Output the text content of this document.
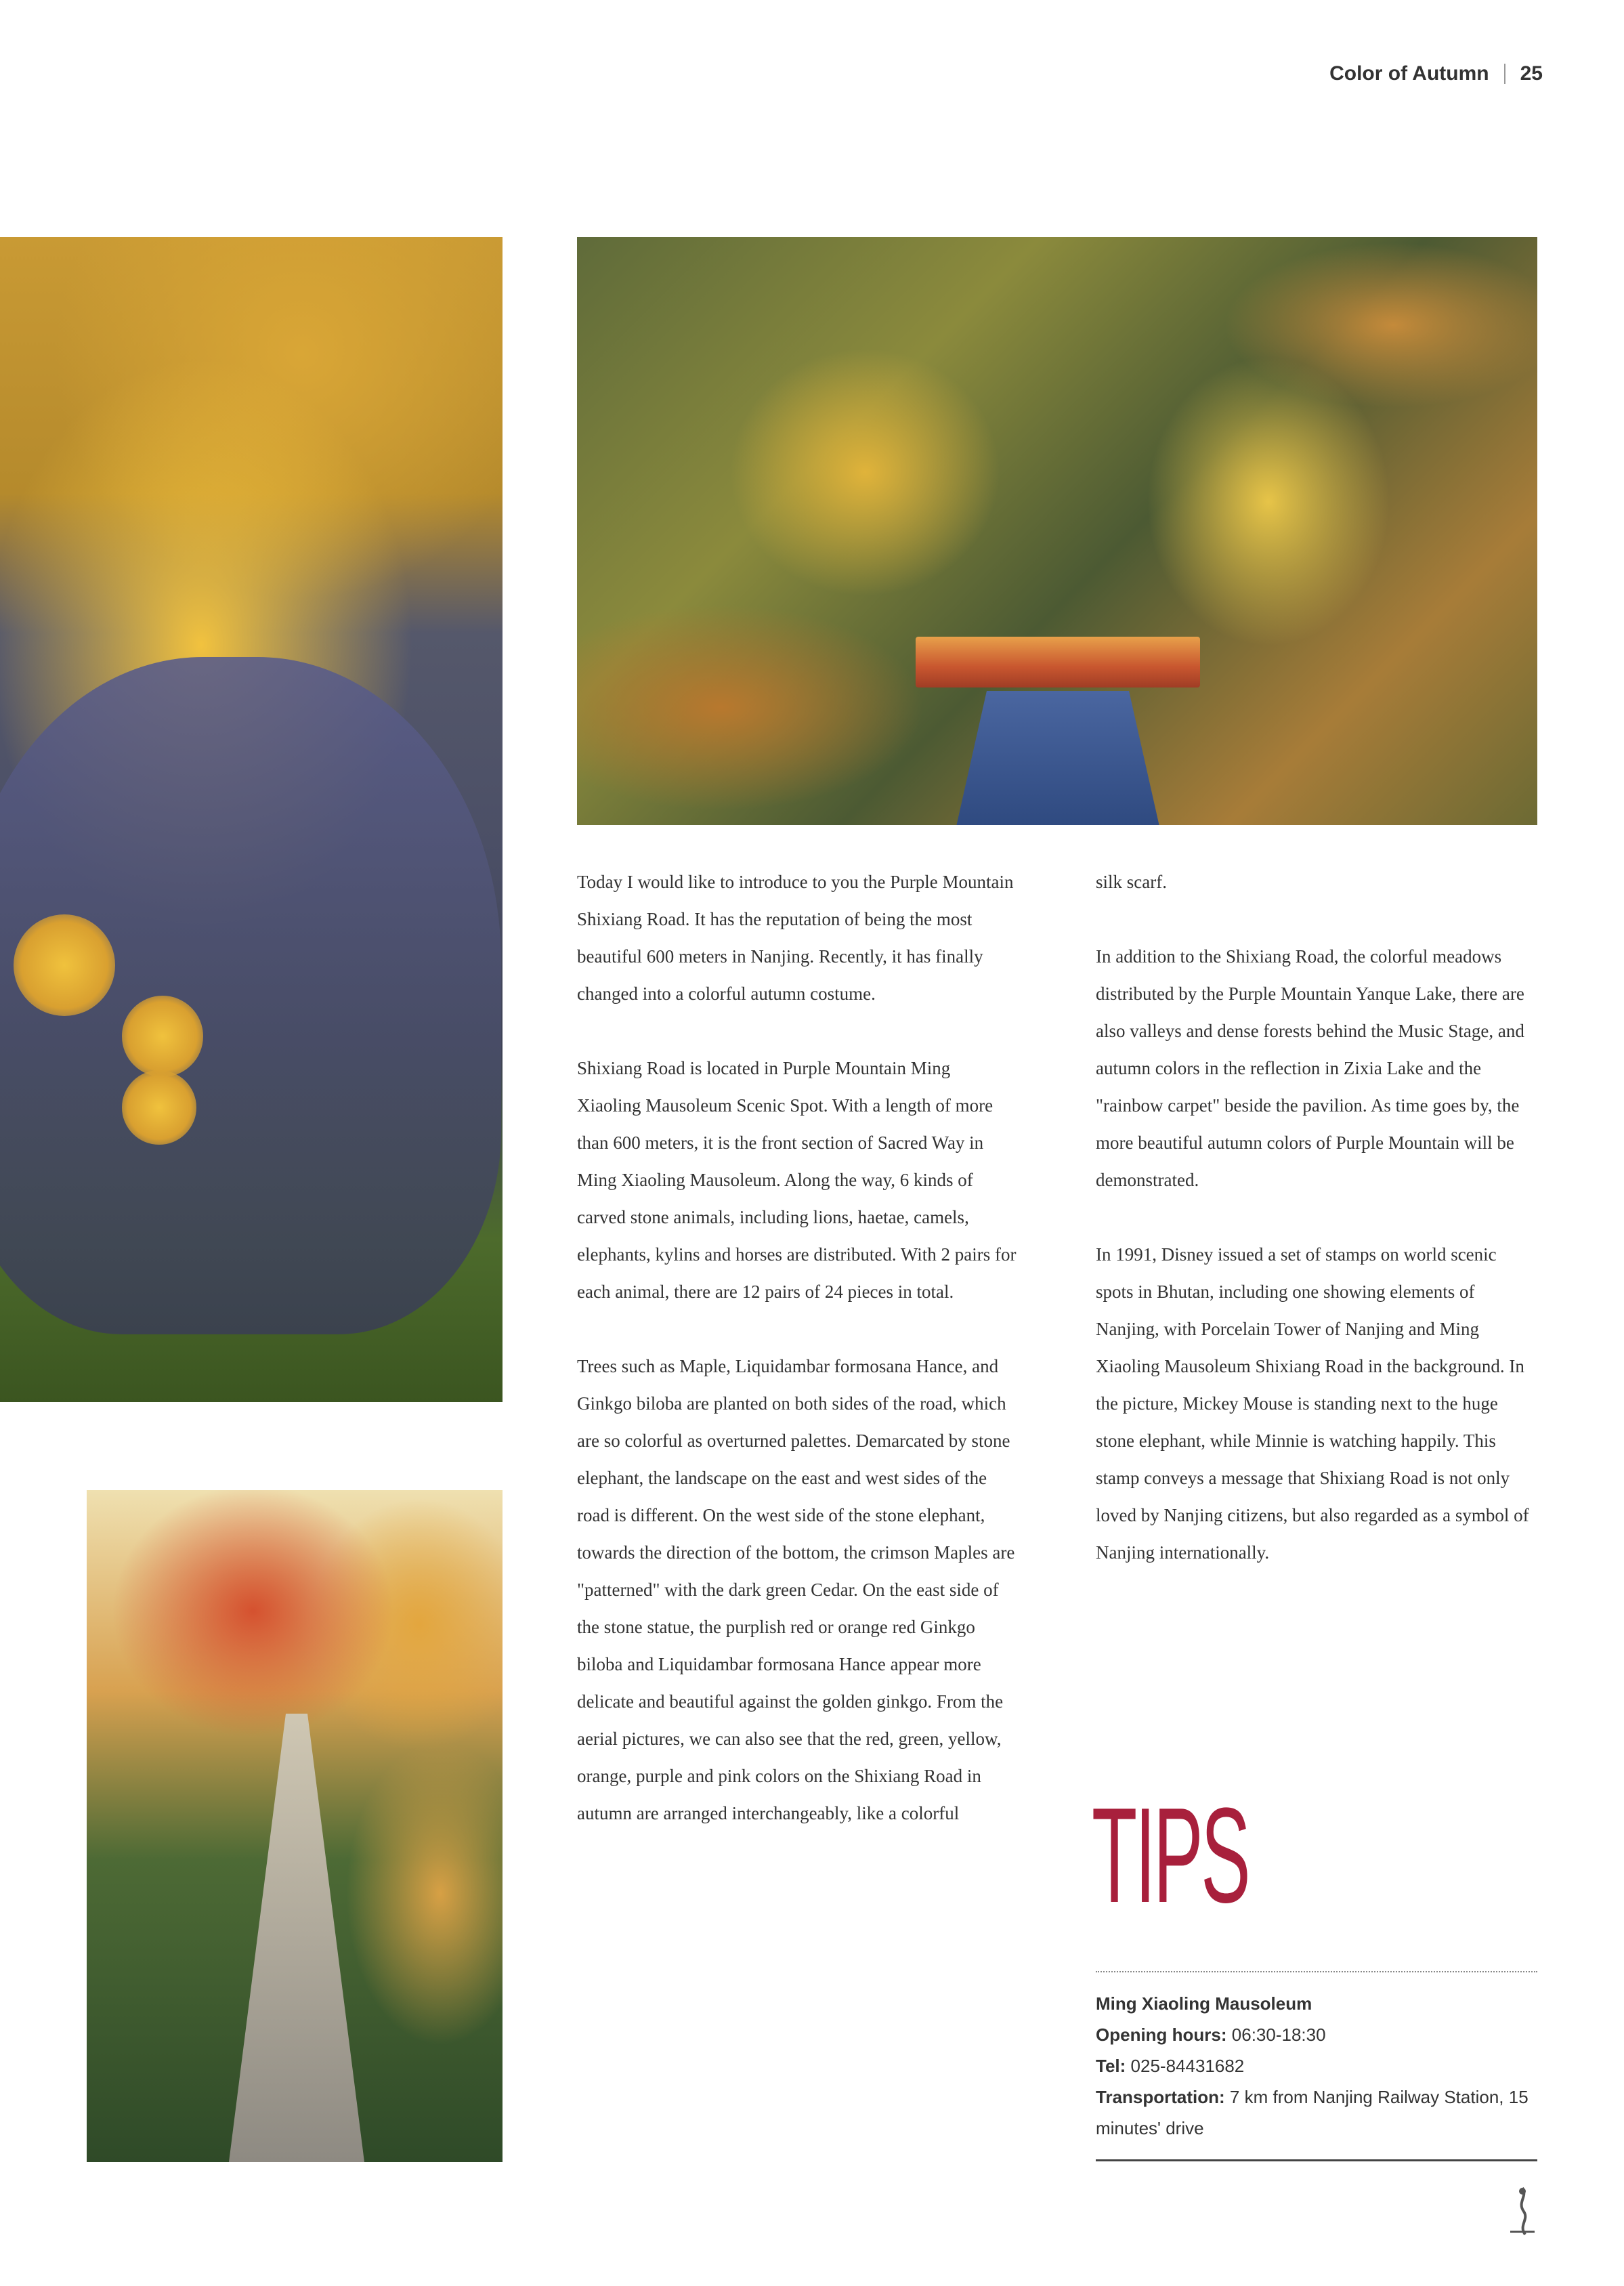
Color of Autumn 25

Today I would like to introduce to you the Purple Mountain Shixiang Road. It has the reputation of being the most beautiful 600 meters in Nanjing. Recently, it has finally changed into a colorful autumn costume.

Shixiang Road is located in Purple Mountain Ming Xiaoling Mausoleum Scenic Spot. With a length of more than 600 meters, it is the front section of Sacred Way in Ming Xiaoling Mausoleum. Along the way, 6 kinds of carved stone animals, including lions, haetae, camels, elephants, kylins and horses are distributed. With 2 pairs for each animal, there are 12 pairs of 24 pieces in total.

Trees such as Maple, Liquidambar formosana Hance, and Ginkgo biloba are planted on both sides of the road, which are so colorful as overturned palettes. Demarcated by stone elephant, the landscape on the east and west sides of the road is different. On the west side of the stone elephant, towards the direction of the bottom, the crimson Maples are "patterned" with the dark green Cedar. On the east side of the stone statue, the purplish red or orange red Ginkgo biloba and Liquidambar formosana Hance appear more delicate and beautiful against the golden ginkgo. From the aerial pictures, we can also see that the red, green, yellow, orange, purple and pink colors on the Shixiang Road in autumn are arranged interchangeably, like a colorful

silk scarf.

In addition to the Shixiang Road, the colorful meadows distributed by the Purple Mountain Yanque Lake, there are also valleys and dense forests behind the Music Stage, and autumn colors in the reflection in Zixia Lake and the "rainbow carpet" beside the pavilion. As time goes by, the more beautiful autumn colors of Purple Mountain will be demonstrated.

In 1991, Disney issued a set of stamps on world scenic spots in Bhutan, including one showing elements of Nanjing, with Porcelain Tower of Nanjing and Ming Xiaoling Mausoleum Shixiang Road in the background. In the picture, Mickey Mouse is standing next to the huge stone elephant, while Minnie is watching happily. This stamp conveys a message that Shixiang Road is not only loved by Nanjing citizens, but also regarded as a symbol of Nanjing internationally.

TIPS
Ming Xiaoling Mausoleum
Opening hours: 06:30-18:30
Tel: 025-84431682
Transportation: 7 km from Nanjing Railway Station, 15 minutes' drive
